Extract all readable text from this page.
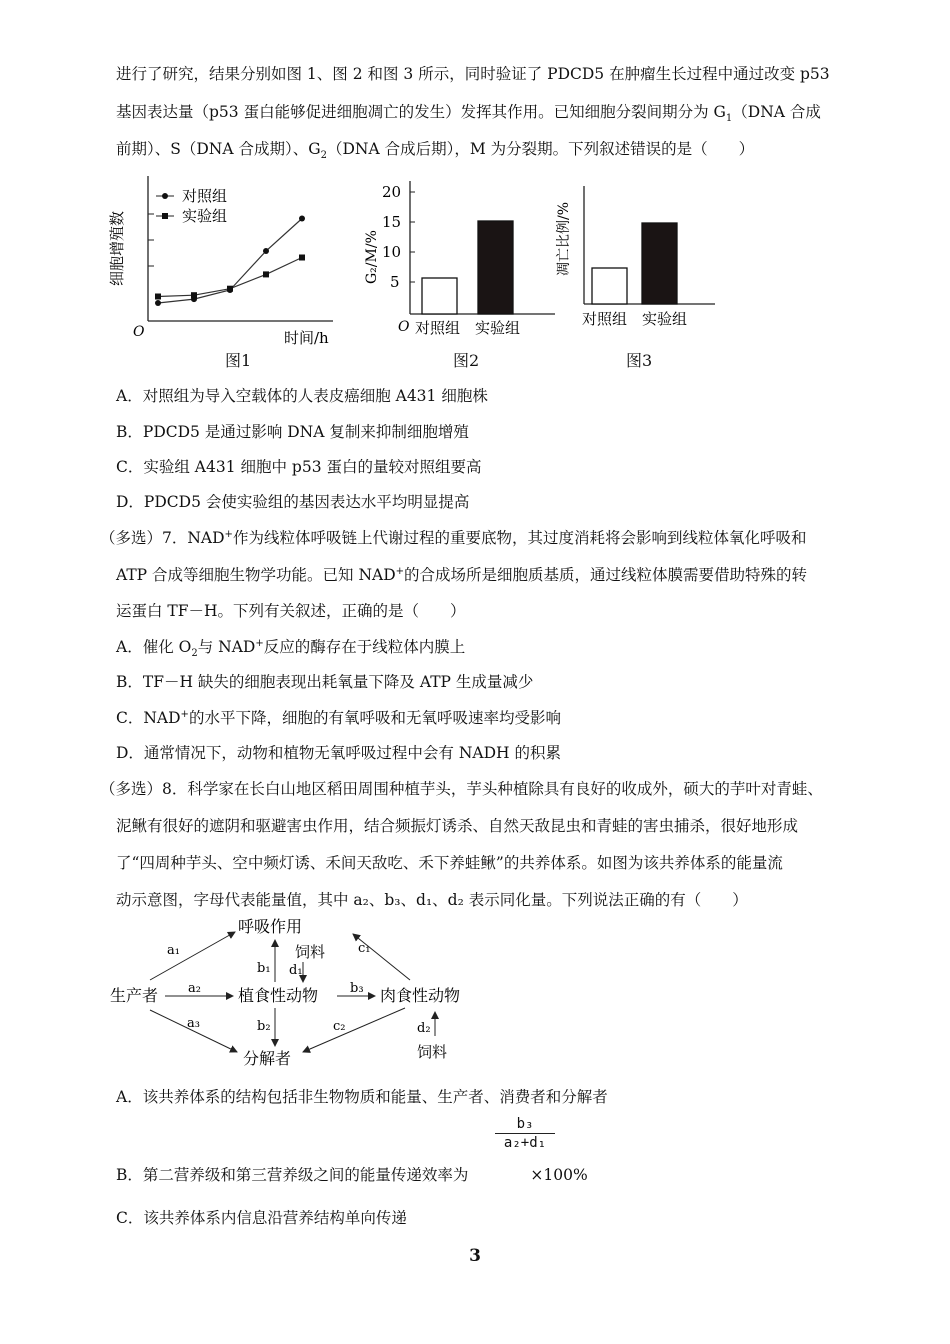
进行了研究，结果分别如图 1、图 2 和图 3 所示，同时验证了 PDCD5 在肿瘤生长过程中通过改变 p53
基因表达量（p53 蛋白能够促进细胞凋亡的发生）发挥其作用。已知细胞分裂间期分为 $G_1(DNA$ 合成
前期）、S（DNA 合成期）、$G_2(DNA$ 合成后期），M 为分裂期。下列叙述错误的是（　　）
O	时间/h
细胞增殖数
对照组
实验组
图1
20
15
10
5
G₂/M/%
O 对照组 实验组
图2
凋亡比例/%
对照组 实验组
图3
A．对照组为导入空载体的人表皮癌细胞 A431 细胞株
B．PDCD5 是通过影响 DNA 复制来抑制细胞增殖
C．实验组 A431 细胞中 p53 蛋白的量较对照组要高
D．PDCD5 会使实验组的基因表达水平均明显提高
（多选）7．NAD+作为线粒体呼吸链上代谢过程的重要底物，其过度消耗将会影响到线粒体氧化呼吸和
ATP 合成等细胞生物学功能。已知 NAD+的合成场所是细胞质基质，通过线粒体膜需要借助特殊的转
运蛋白 TF－H。下列有关叙述，正确的是（　　）
A．催化 $O_2$与 NAD+反应的酶存在于线粒体内膜上
B．TF－H 缺失的细胞表现出耗氧量下降及 ATP 生成量减少
C．NAD+的水平下降，细胞的有氧呼吸和无氧呼吸速率均受影响
D．通常情况下，动物和植物无氧呼吸过程中会有 NADH 的积累
（多选）8．科学家在长白山地区稻田周围种植芋头，芋头种植除具有良好的收成外，硕大的芋叶对青蛙、
泥鳅有很好的遮阴和驱避害虫作用，结合频振灯诱杀、自然天敌昆虫和青蛙的害虫捕杀，很好地形成
了“四周种芋头、空中频灯诱、禾间天敌吃、禾下养蛙鳅”的共养体系。如图为该共养体系的能量流
动示意图，字母代表能量值，其中 a₂、b₃、d₁、d₂ 表示同化量。下列说法正确的有（　　）
呼吸作用
饲料
生产者	植食性动物	肉食性动物
分解者	饲料
a₁
a₂
a₃
b₁ d₁
b₃
c₁
b₂	c₂	d₂
A．该共养体系的结构包括非生物物质和能量、生产者、消费者和分解者
b₃
a₂+d₁
B．第二营养级和第三营养级之间的能量传递效率为	×100%
C．该共养体系内信息沿营养结构单向传递
3
